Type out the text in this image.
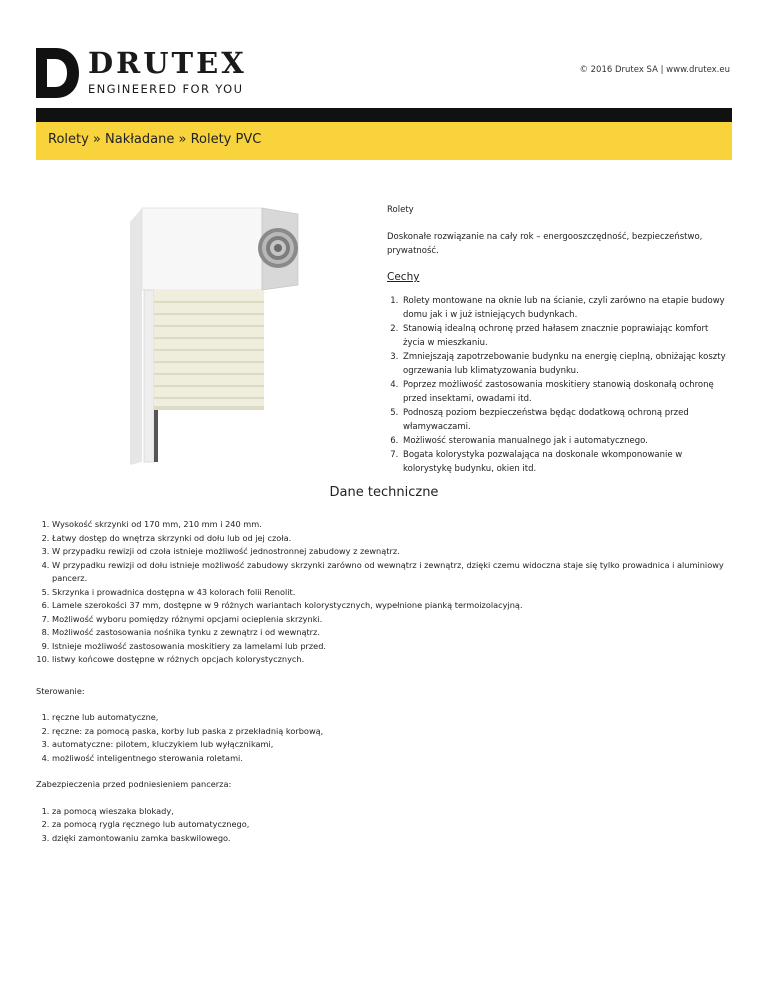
DRUTEX
ENGINEERED FOR YOU
© 2016 Drutex SA | www.drutex.eu
Rolety » Nakładane » Rolety PVC

Rolety

Doskonałe rozwiązanie na cały rok – energooszczędność, bezpieczeństwo, prywatność.

Cechy

1. Rolety montowane na oknie lub na ścianie, czyli zarówno na etapie budowy domu jak i w już istniejących budynkach.
2. Stanowią idealną ochronę przed hałasem znacznie poprawiając komfort życia w mieszkaniu.
3. Zmniejszają zapotrzebowanie budynku na energię cieplną, obniżając koszty ogrzewania lub klimatyzowania budynku.
4. Poprzez możliwość zastosowania moskitiery stanowią doskonałą ochronę przed insektami, owadami itd.
5. Podnoszą poziom bezpieczeństwa będąc dodatkową ochroną przed włamywaczami.
6. Możliwość sterowania manualnego jak i automatycznego.
7. Bogata kolorystyka pozwalająca na doskonale wkomponowanie w kolorystykę budynku, okien itd.
Dane techniczne
1. Wysokość skrzynki od 170 mm, 210 mm i 240 mm.
2. Łatwy dostęp do wnętrza skrzynki od dołu lub od jej czoła.
3. W przypadku rewizji od czoła istnieje możliwość jednostronnej zabudowy z zewnątrz.
4. W przypadku rewizji od dołu istnieje możliwość zabudowy skrzynki zarówno od wewnątrz i zewnątrz, dzięki czemu widoczna staje się tylko prowadnica i aluminiowy pancerz.
5. Skrzynka i prowadnica dostępna w 43 kolorach folii Renolit.
6. Lamele szerokości 37 mm, dostępne w 9 różnych wariantach kolorystycznych, wypełnione pianką termoizolacyjną.
7. Możliwość wyboru pomiędzy różnymi opcjami ocieplenia skrzynki.
8. Możliwość zastosowania nośnika tynku z zewnątrz i od wewnątrz.
9. Istnieje możliwość zastosowania moskitiery za lamelami lub przed.
10. listwy końcowe dostępne w różnych opcjach kolorystycznych.

Sterowanie:

1. ręczne lub automatyczne,
2. ręczne: za pomocą paska, korby lub paska z przekładnią korbową,
3. automatyczne: pilotem, kluczykiem lub wyłącznikami,
4. możliwość inteligentnego sterowania roletami.

Zabezpieczenia przed podniesieniem pancerza:

1. za pomocą wieszaka blokady,
2. za pomocą rygla ręcznego lub automatycznego,
3. dzięki zamontowaniu zamka baskwilowego.
